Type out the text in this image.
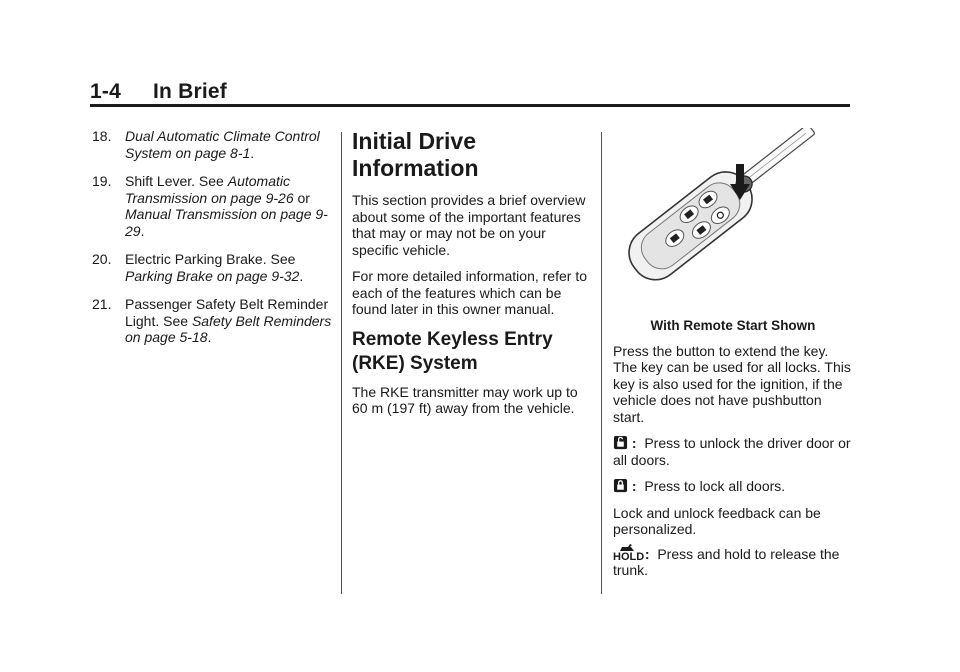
1-4 In Brief
18. Dual Automatic Climate Control System on page 8-1.
19. Shift Lever. See Automatic Transmission on page 9-26 or Manual Transmission on page 9-29.
20. Electric Parking Brake. See Parking Brake on page 9-32.
21. Passenger Safety Belt Reminder Light. See Safety Belt Reminders on page 5-18.
Initial Drive Information

This section provides a brief overview about some of the important features that may or may not be on your specific vehicle.

For more detailed information, refer to each of the features which can be found later in this owner manual.

Remote Keyless Entry (RKE) System

The RKE transmitter may work up to 60 m (197 ft) away from the vehicle.

With Remote Start Shown

Press the button to extend the key. The key can be used for all locks. This key is also used for the ignition, if the vehicle does not have pushbutton start.

: Press to unlock the driver door or all doors.

: Press to lock all doors.

Lock and unlock feedback can be personalized.

HOLD : Press and hold to release the trunk.
